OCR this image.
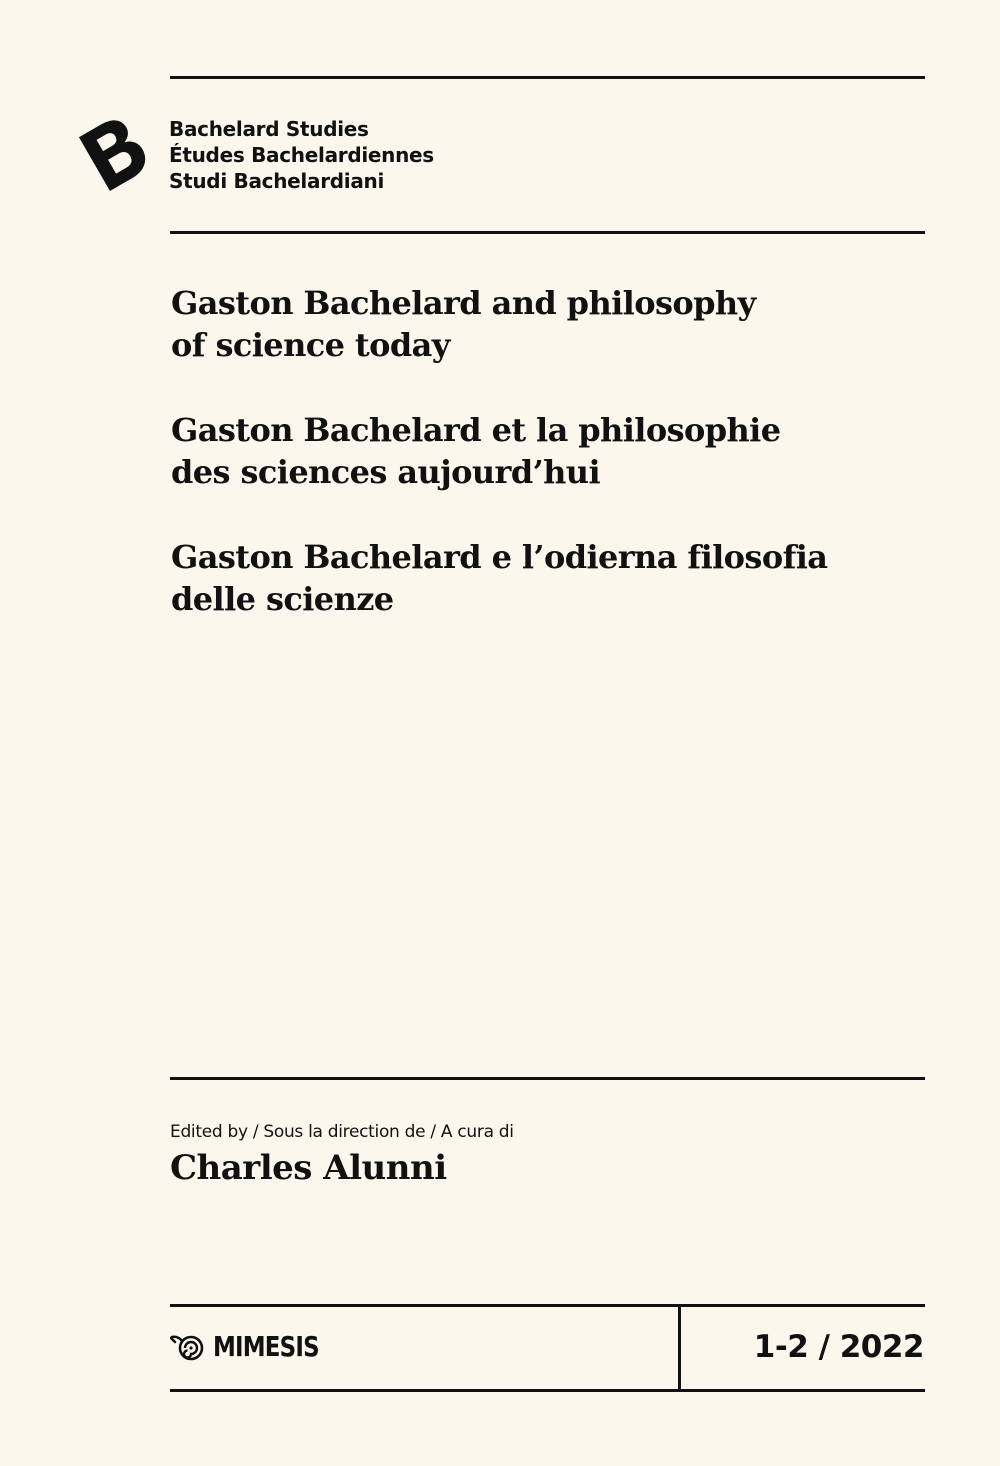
Bachelard Studies
Études Bachelardiennes
Studi Bachelardiani
Gaston Bachelard and philosophy
of science today
Gaston Bachelard et la philosophie
des sciences aujourd’hui
Gaston Bachelard e l’odierna filosofia
delle scienze
Edited by / Sous la direction de / A cura di
Charles Alunni
MIMESIS	1-2 / 2022
